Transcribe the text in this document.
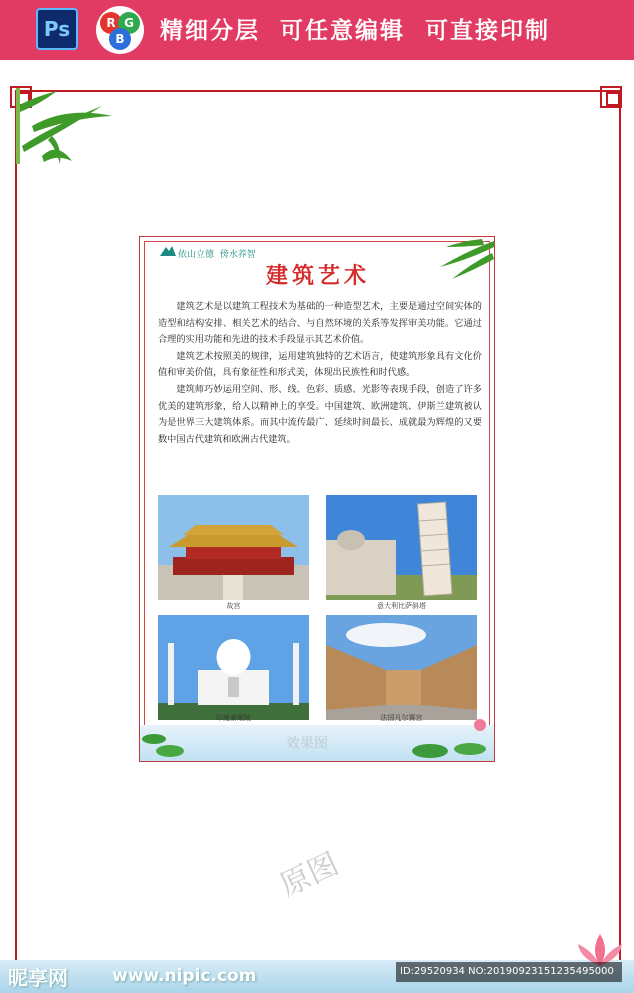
Ps	R G
B 精细分层  可任意编辑  可直接印制
依山立德  傍水养智
建筑艺术

建筑艺术是以建筑工程技术为基础的一种造型艺术，主要是通过空间实体的造型和结构安排、相关艺术的结合、与自然环境的关系等发挥审美功能。它通过合理的实用功能和先进的技术手段显示其艺术价值。

建筑艺术按照美的规律，运用建筑独特的艺术语言，使建筑形象具有文化价值和审美价值，具有象征性和形式美，体现出民族性和时代感。

建筑师巧妙运用空间、形、线、色彩、质感、光影等表现手段，创造了许多优美的建筑形象，给人以精神上的享受。中国建筑、欧洲建筑、伊斯兰建筑被认为是世界三大建筑体系。而其中流传最广、延续时间最长、成就最为辉煌的又要数中国古代建筑和欧洲古代建筑。

故宫	意大利比萨斜塔
印度泰姬陵	法国凡尔赛宫
效果图
原图
昵享网	www.nipic.com	ID:29520934 NO:20190923151235495000
